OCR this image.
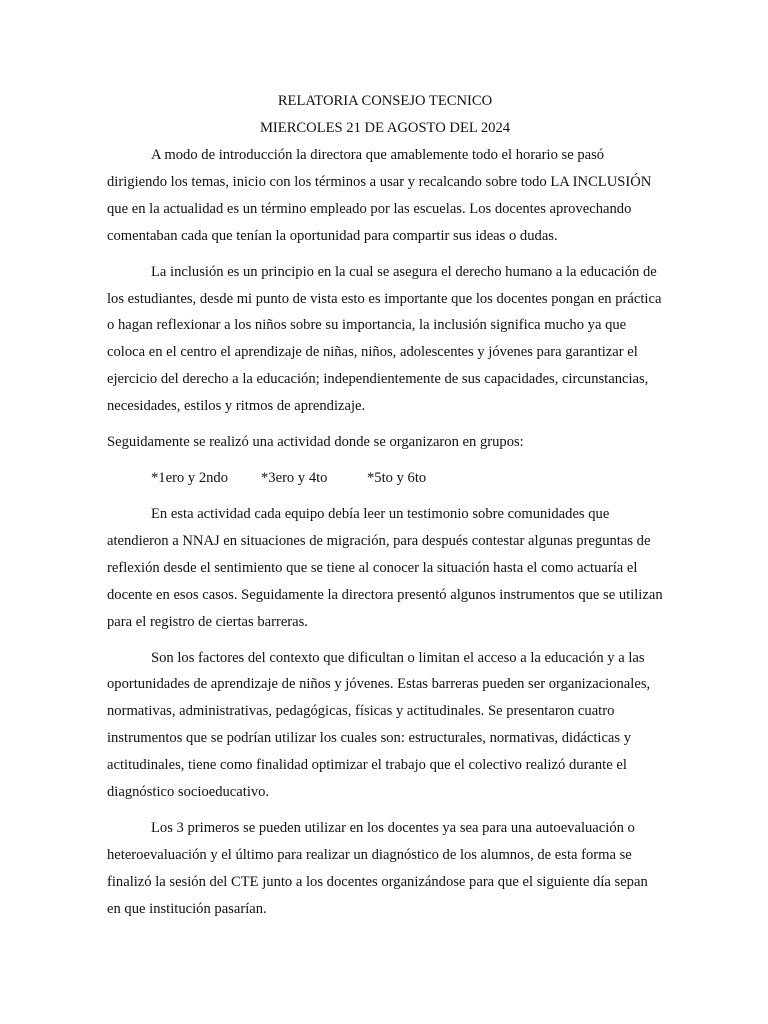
RELATORIA CONSEJO TECNICO

MIERCOLES 21 DE AGOSTO DEL 2024

A modo de introducción la directora que amablemente todo el horario se pasó dirigiendo los temas, inicio con los términos a usar y recalcando sobre todo LA INCLUSIÓN que en la actualidad es un término empleado por las escuelas. Los docentes aprovechando comentaban cada que tenían la oportunidad para compartir sus ideas o dudas.

La inclusión es un principio en la cual se asegura el derecho humano a la educación de los estudiantes, desde mi punto de vista esto es importante que los docentes pongan en práctica o hagan reflexionar a los niños sobre su importancia, la inclusión significa mucho ya que coloca en el centro el aprendizaje de niñas, niños, adolescentes y jóvenes para garantizar el ejercicio del derecho a la educación; independientemente de sus capacidades, circunstancias, necesidades, estilos y ritmos de aprendizaje.

Seguidamente se realizó una actividad donde se organizaron en grupos:

*1ero y 2ndo *3ero y 4to	*5to y 6to

En esta actividad cada equipo debía leer un testimonio sobre comunidades que atendieron a NNAJ en situaciones de migración, para después contestar algunas preguntas de reflexión desde el sentimiento que se tiene al conocer la situación hasta el como actuaría el docente en esos casos. Seguidamente la directora presentó algunos instrumentos que se utilizan para el registro de ciertas barreras.

Son los factores del contexto que dificultan o limitan el acceso a la educación y a las oportunidades de aprendizaje de niños y jóvenes. Estas barreras pueden ser organizacionales, normativas, administrativas, pedagógicas, físicas y actitudinales. Se presentaron cuatro instrumentos que se podrían utilizar los cuales son: estructurales, normativas, didácticas y actitudinales, tiene como finalidad optimizar el trabajo que el colectivo realizó durante el diagnóstico socioeducativo.

Los 3 primeros se pueden utilizar en los docentes ya sea para una autoevaluación o heteroevaluación y el último para realizar un diagnóstico de los alumnos, de esta forma se finalizó la sesión del CTE junto a los docentes organizándose para que el siguiente día sepan en que institución pasarían.
